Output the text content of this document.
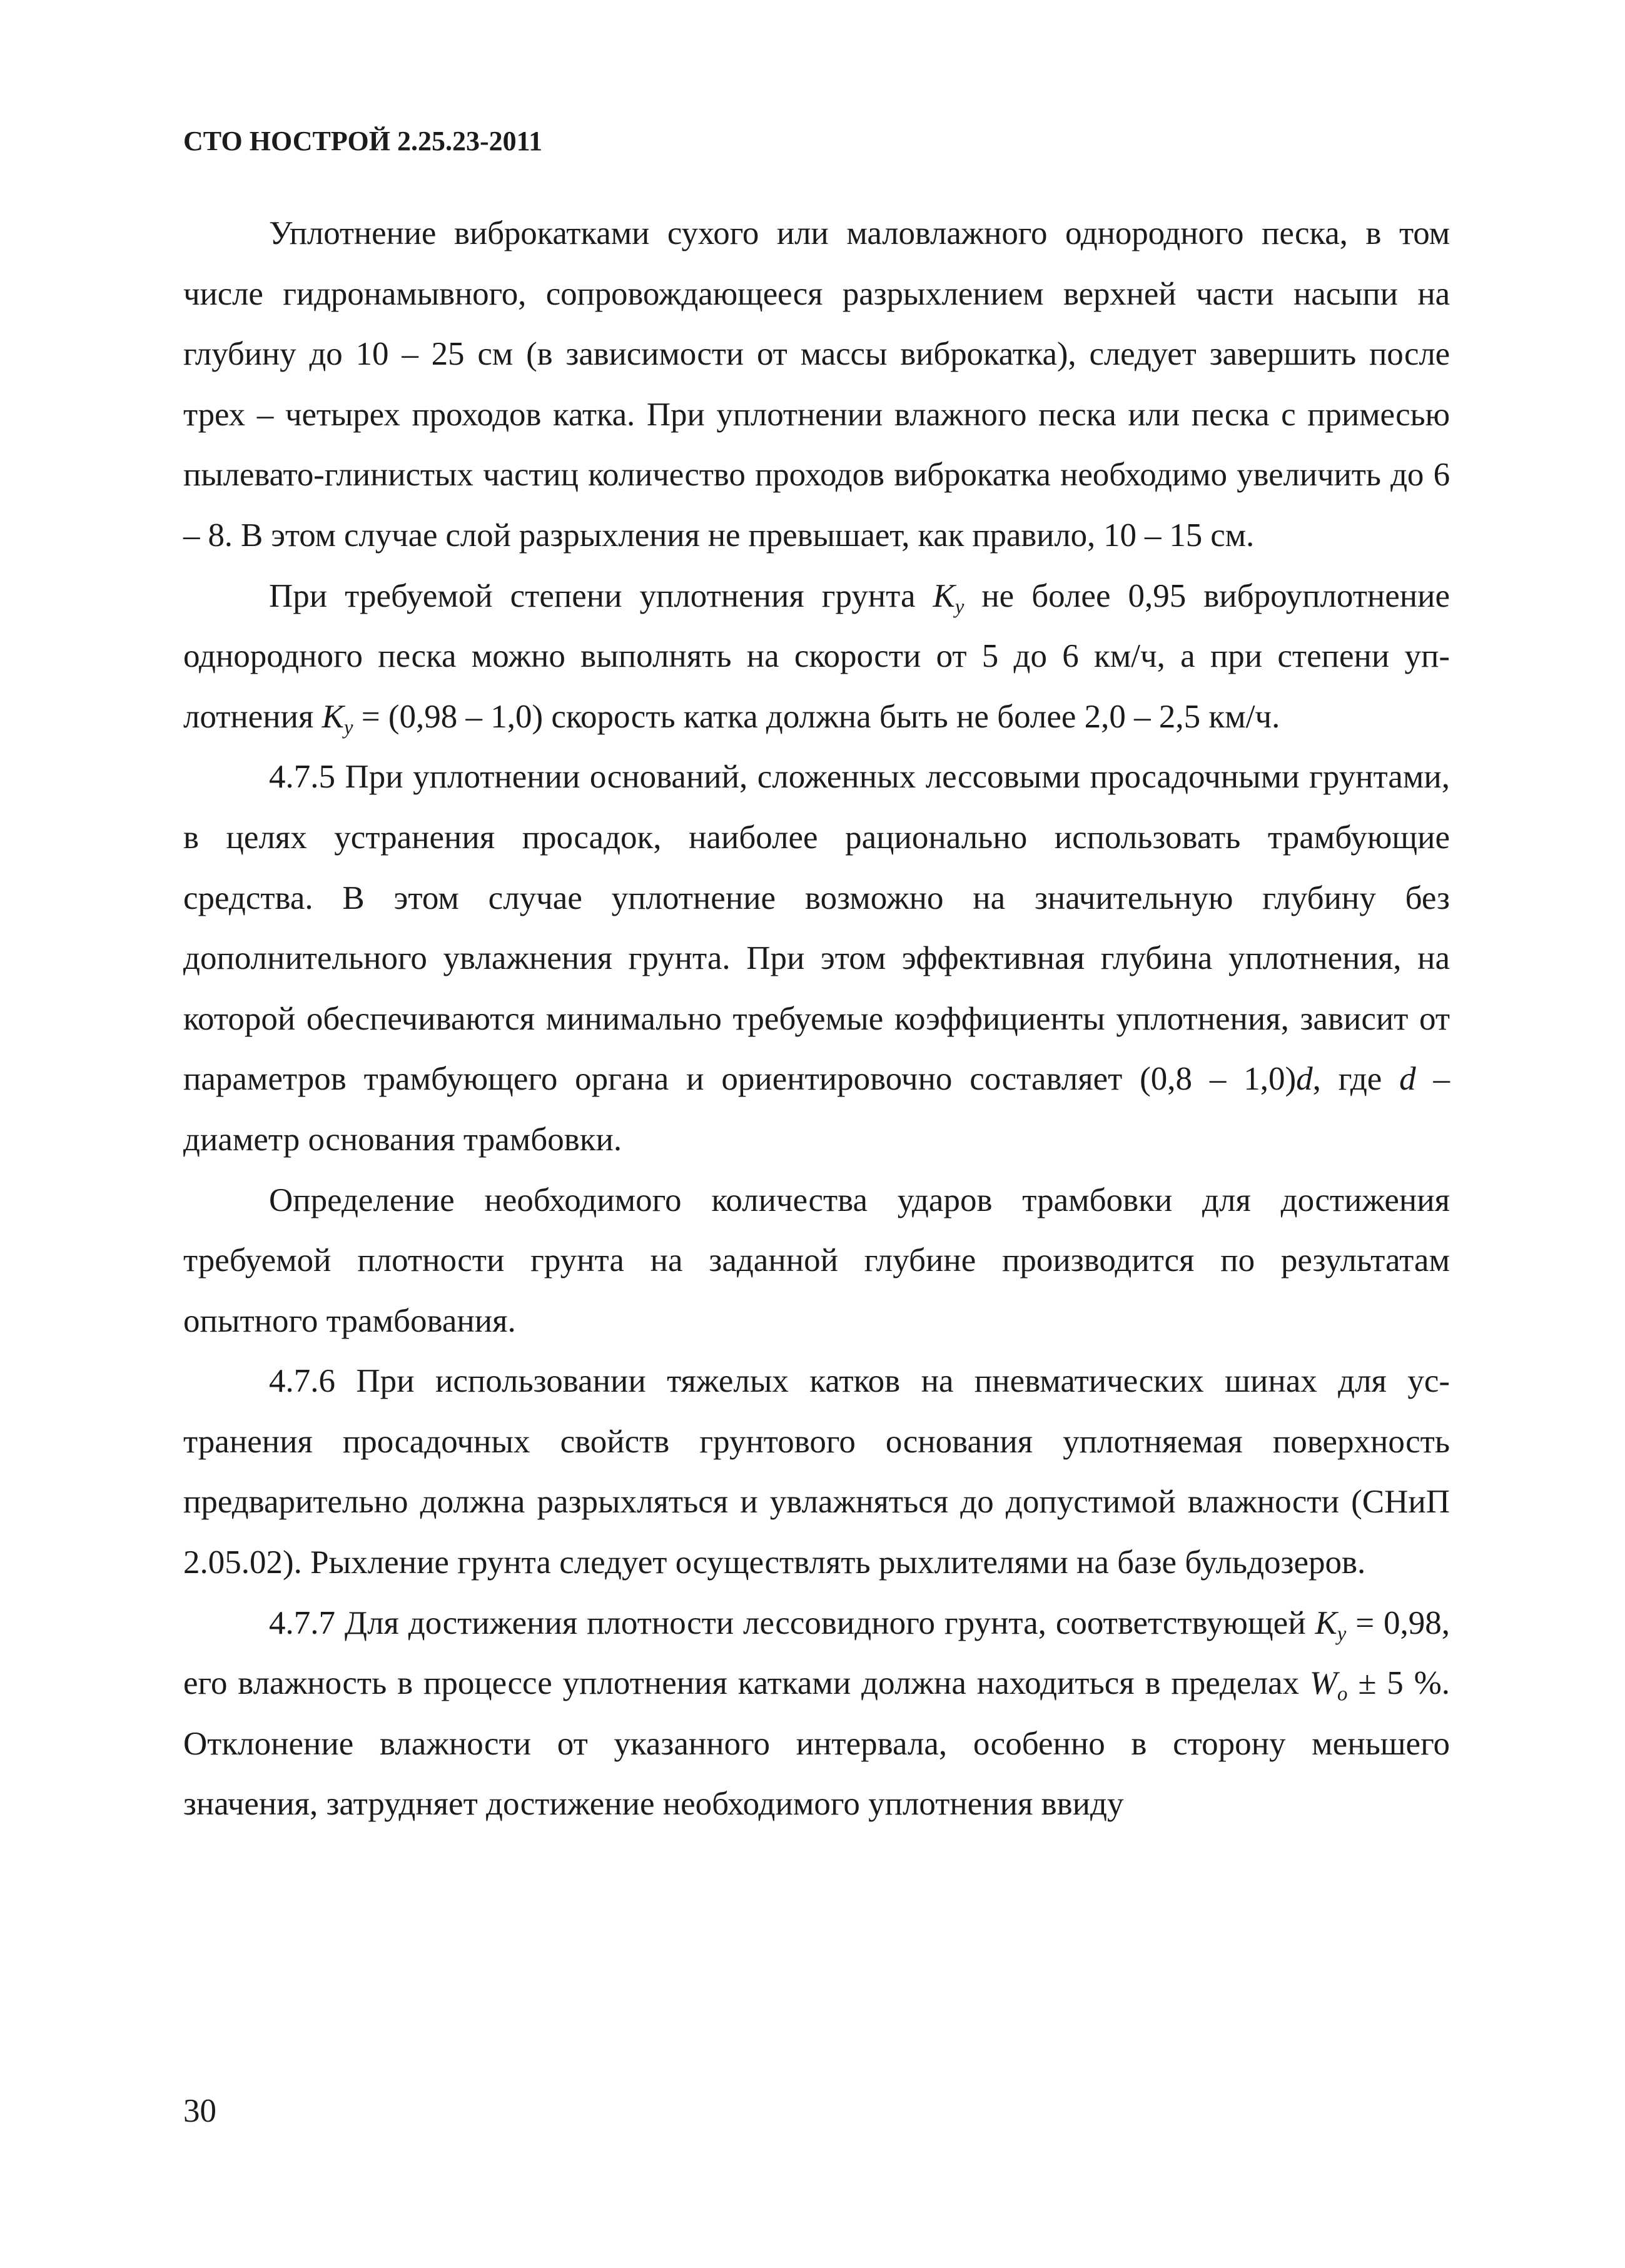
СТО НОСТРОЙ 2.25.23-2011

Уплотнение виброкатками сухого или маловлажного однородного песка, в том числе гидронамывного, сопровождающееся разрыхлением верхней части насыпи на глубину до 10 – 25 см (в зависимости от массы виброкатка), следует завершить после трех – четырех проходов катка. При уплотнении влажного песка или песка с примесью пылевато-глинистых частиц количество проходов виброкатка необходимо увеличить до 6 – 8. В этом случае слой разрыхления не превышает, как правило, 10 – 15 см.

При требуемой степени уплотнения грунта $К_у$ не более 0,95 виброуплотнение однородного песка можно выполнять на скорости от 5 до 6 км/ч, а при степени уплотнения $К_у = (0,98 - 1,0)$ скорость катка должна быть не более 2,0 – 2,5 км/ч.

4.7.5 При уплотнении оснований, сложенных лессовыми просадочными грунтами, в целях устранения просадок, наиболее рационально использовать трамбующие средства. В этом случае уплотнение возможно на значительную глубину без дополнительного увлажнения грунта. При этом эффективная глубина уплотнения, на которой обеспечиваются минимально требуемые коэффициенты уплотнения, зависит от параметров трамбующего органа и ориентировочно составляет (0,8 – 1,0)d, где d – диаметр основания трамбовки.

Определение необходимого количества ударов трамбовки для достижения требуемой плотности грунта на заданной глубине производится по результатам опытного трамбования.

4.7.6 При использовании тяжелых катков на пневматических шинах для устранения просадочных свойств грунтового основания уплотняемая поверхность предварительно должна разрыхляться и увлажняться до допустимой влажности (СНиП 2.05.02). Рыхление грунта следует осуществлять рыхлителями на базе бульдозеров.

4.7.7 Для достижения плотности лессовидного грунта, соответствующей $К_у = 0,98$, его влажность в процессе уплотнения катками должна находиться в пределах $W_o \pm 5$ %. Отклонение влажности от указанного интервала, особенно в сторону меньшего значения, затрудняет достижение необходимого уплотнения ввиду

30
